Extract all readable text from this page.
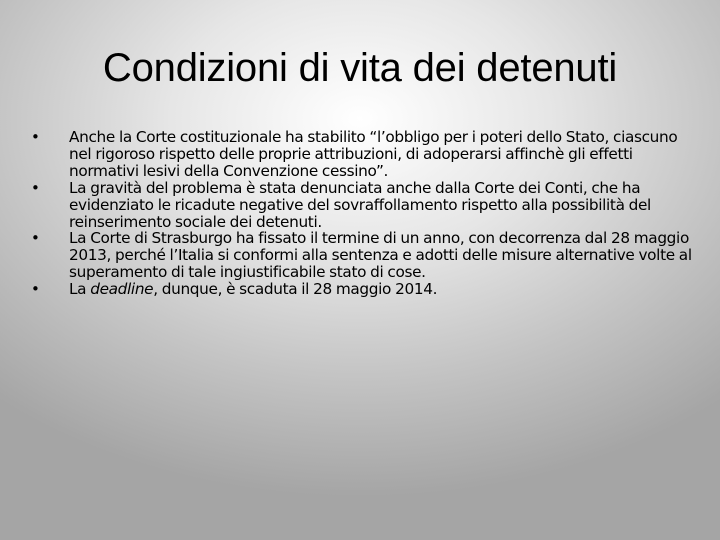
Condizioni di vita dei detenuti
•	Anche la Corte costituzionale ha stabilito “l’obbligo per i poteri dello Stato, ciascuno nel rigoroso rispetto delle proprie attribuzioni, di adoperarsi affinchè gli effetti normativi lesivi della Convenzione cessino”.
•	La gravità del problema è stata denunciata anche dalla Corte dei Conti, che ha evidenziato le ricadute negative del sovraffollamento rispetto alla possibilità del reinserimento sociale dei detenuti.
•	La Corte di Strasburgo ha fissato il termine di un anno, con decorrenza dal 28 maggio 2013, perché l’Italia si conformi alla sentenza e adotti delle misure alternative volte al superamento di tale ingiustificabile stato di cose.
•	La deadline, dunque, è scaduta il 28 maggio 2014.
